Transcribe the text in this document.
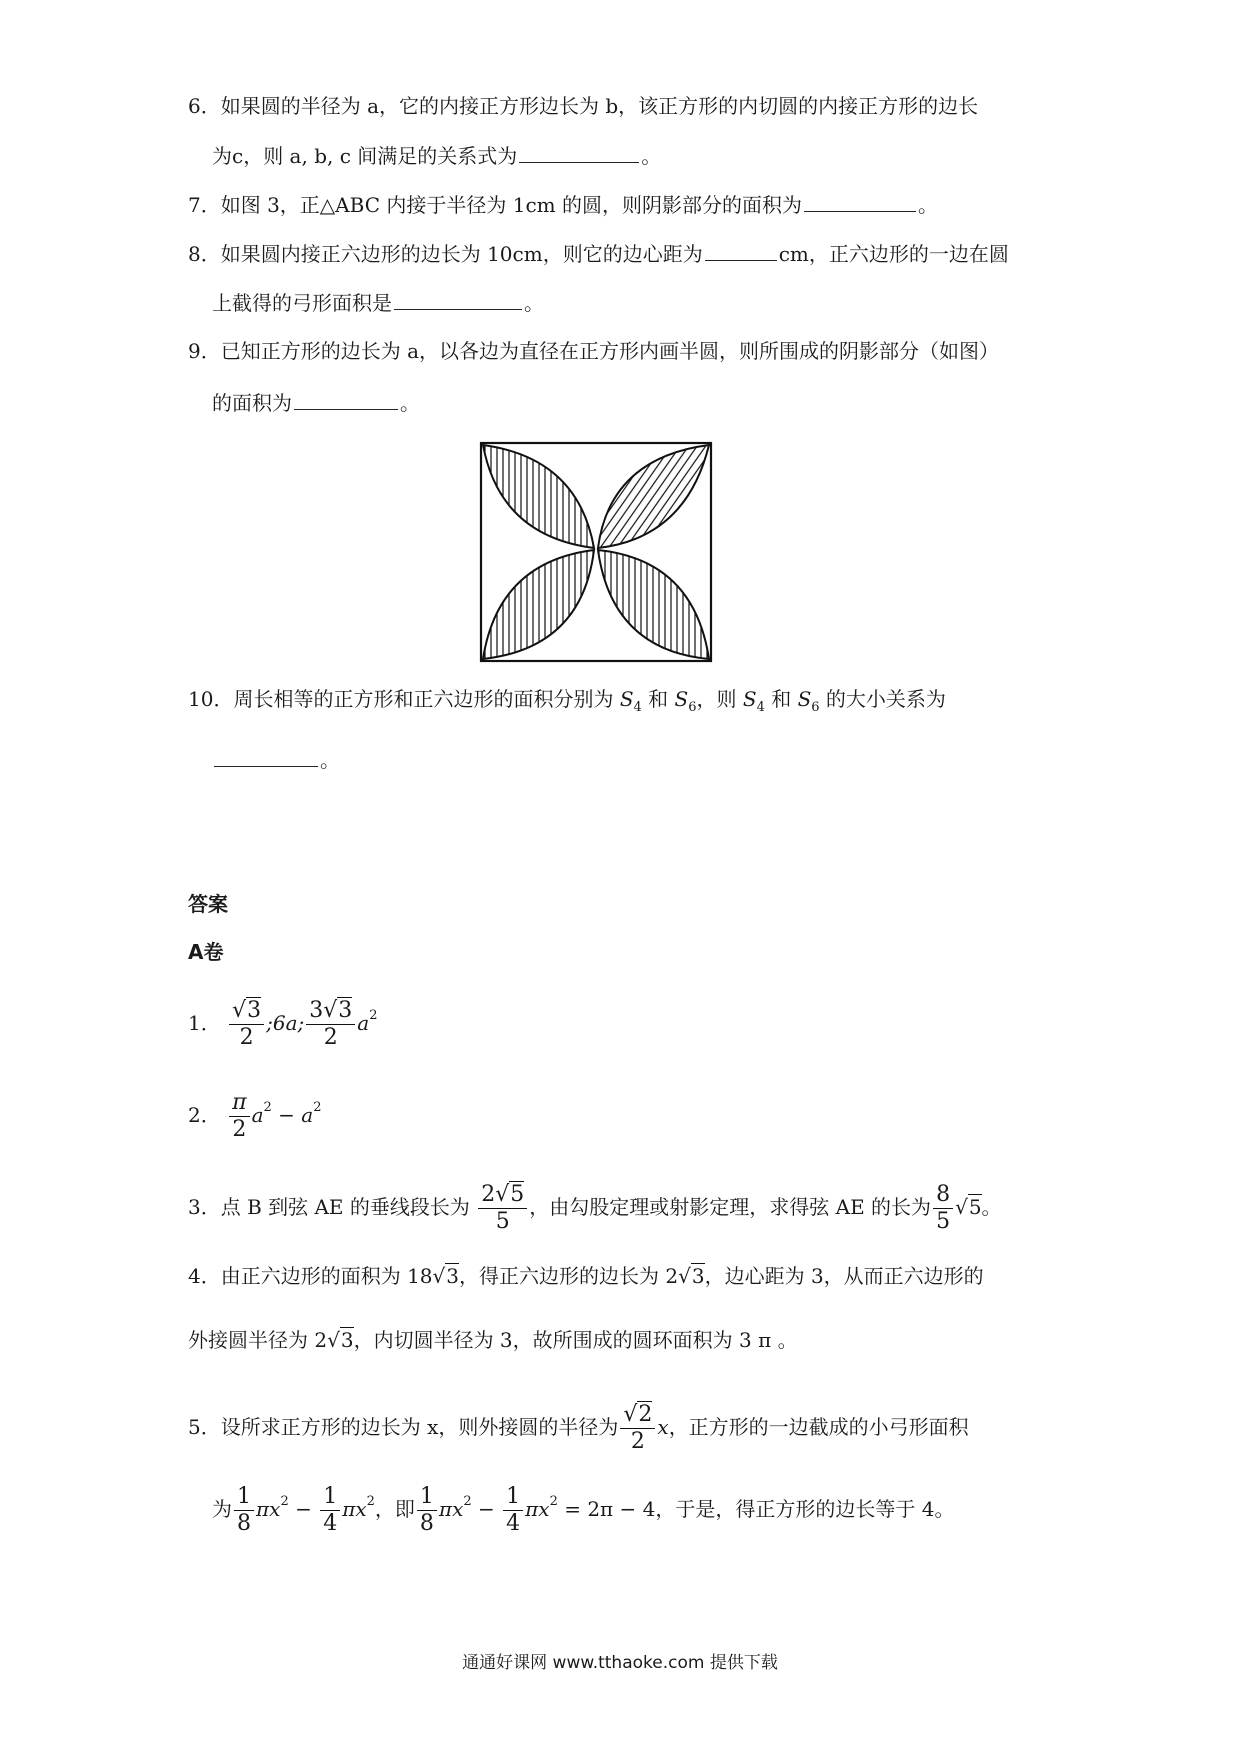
6．如果圆的半径为 a，它的内接正方形边长为 b，该正方形的内切圆的内接正方形的边长
为c，则 a, b, c 间满足的关系式为	。
7．如图 3，正△ABC 内接于半径为 1cm 的圆，则阴影部分的面积为	。
8．如果圆内接正六边形的边长为 10cm，则它的边心距为	cm，正六边形的一边在圆
上截得的弓形面积是	。
9．已知正方形的边长为 a，以各边为直径在正方形内画半圆，则所围成的阴影部分（如图）
的面积为	。
10．周长相等的正方形和正六边形的面积分别为 $S_4$ 和 $S_6$，则 $S_4$ 和 $S_6$ 的大小关系为
。
答案
A卷
1． $\frac{√3}{2}$ ;6a; $\frac{3√3}{2} a^2$
2． $\frac{\pi}{2} a^2 - a^2$
3．点 B 到弦 AE 的垂线段长为 $\frac{2√5}{5}$ ，由勾股定理或射影定理，求得弦 AE 的长为 $\frac{8}{5} √5$。
4．由正六边形的面积为 18√3，得正六边形的边长为 2√3，边心距为 3，从而正六边形的
外接圆半径为 2√3，内切圆半径为 3，故所围成的圆环面积为 3 π 。
5．设所求正方形的边长为 x，则外接圆的半径为 $\frac{√2}{2}$ x，正方形的一边截成的小弓形面积
为 $\frac{1}{8} \pi x^2 - \frac{1}{4} \pi x^2$，即 $\frac{1}{8} \pi x^2 - \frac{1}{4} \pi x^2 = 2\pi - 4$，于是，得正方形的边长等于 4。
通通好课网 www.tthaoke.com 提供下载
